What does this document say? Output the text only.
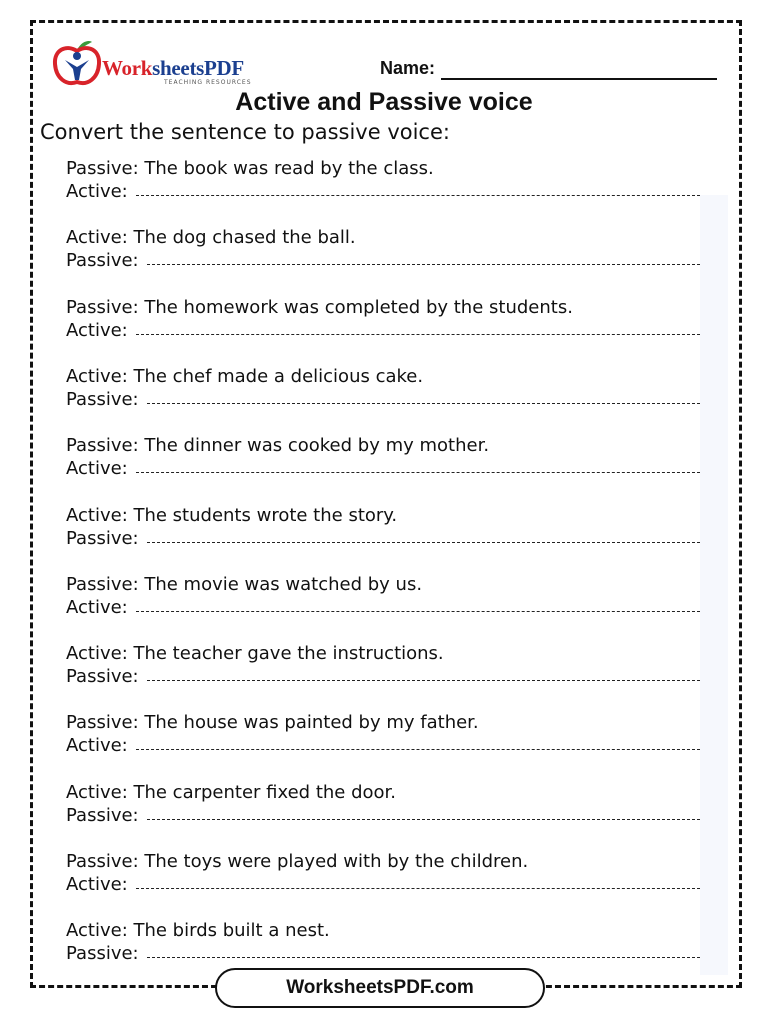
WorksheetsPDF
TEACHING RESOURCES
Name:
Active and Passive voice
Convert the sentence to passive voice:
Passive: The book was read by the class.
Active:
Active: The dog chased the ball.
Passive:
Passive: The homework was completed by the students.
Active:
Active: The chef made a delicious cake.
Passive:
Passive: The dinner was cooked by my mother.
Active:
Active: The students wrote the story.
Passive:
Passive: The movie was watched by us.
Active:
Active: The teacher gave the instructions.
Passive:
Passive: The house was painted by my father.
Active:
Active: The carpenter fixed the door.
Passive:
Passive: The toys were played with by the children.
Active:
Active: The birds built a nest.
Passive:
WorksheetsPDF.com
